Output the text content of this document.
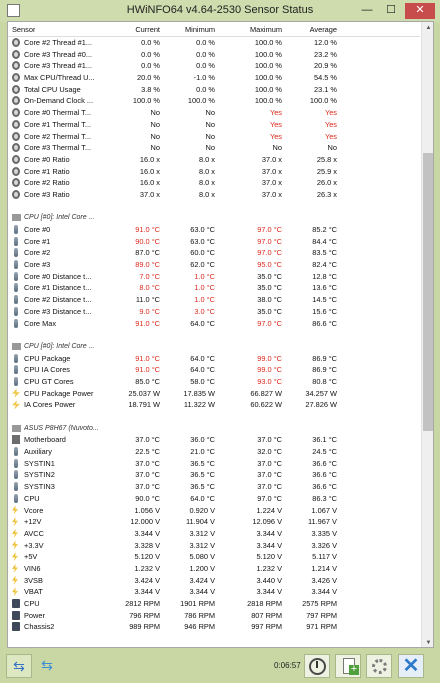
HWiNFO64 v4.64-2530 Sensor Status	—	☐	✕
Sensor	Current	Minimum	Maximum	Average
Core #2 Thread #1...	0.0 %	0.0 %	100.0 %	12.0 %
Core #3 Thread #0...	0.0 %	0.0 %	100.0 %	23.2 %
Core #3 Thread #1...	0.0 %	0.0 %	100.0 %	20.9 %
Max CPU/Thread U...	20.0 %	-1.0 %	100.0 %	54.5 %
Total CPU Usage	3.8 %	0.0 %	100.0 %	23.1 %
On-Demand Clock ...	100.0 %	100.0 %	100.0 %	100.0 %
Core #0 Thermal T...	No	No	Yes	Yes
Core #1 Thermal T...	No	No	Yes	Yes
Core #2 Thermal T...	No	No	Yes	Yes
Core #3 Thermal T...	No	No	No	No
Core #0 Ratio	16.0 x	8.0 x	37.0 x	25.8 x
Core #1 Ratio	16.0 x	8.0 x	37.0 x	25.9 x
Core #2 Ratio	16.0 x	8.0 x	37.0 x	26.0 x
Core #3 Ratio	37.0 x	8.0 x	37.0 x	26.3 x
CPU [#0]: Intel Core ...
Core #0	91.0 °C	63.0 °C	97.0 °C	85.2 °C
Core #1	90.0 °C	63.0 °C	97.0 °C	84.4 °C
Core #2	87.0 °C	60.0 °C	97.0 °C	83.5 °C
Core #3	89.0 °C	62.0 °C	95.0 °C	82.4 °C
Core #0 Distance t...	7.0 °C	1.0 °C	35.0 °C	12.8 °C
Core #1 Distance t...	8.0 °C	1.0 °C	35.0 °C	13.6 °C
Core #2 Distance t...	11.0 °C	1.0 °C	38.0 °C	14.5 °C
Core #3 Distance t...	9.0 °C	3.0 °C	35.0 °C	15.6 °C
Core Max	91.0 °C	64.0 °C	97.0 °C	86.6 °C
CPU [#0]: Intel Core ...
CPU Package	91.0 °C	64.0 °C	99.0 °C	86.9 °C
CPU IA Cores	91.0 °C	64.0 °C	99.0 °C	86.9 °C
CPU GT Cores	85.0 °C	58.0 °C	93.0 °C	80.8 °C
CPU Package Power	25.037 W	17.835 W	66.827 W	34.257 W
IA Cores Power	18.791 W	11.322 W	60.622 W	27.826 W
ASUS P8H67 (Nuvoto...
Motherboard	37.0 °C	36.0 °C	37.0 °C	36.1 °C
Auxiliary	22.5 °C	21.0 °C	32.0 °C	24.5 °C
SYSTIN1	37.0 °C	36.5 °C	37.0 °C	36.6 °C
SYSTIN2	37.0 °C	36.5 °C	37.0 °C	36.6 °C
SYSTIN3	37.0 °C	36.5 °C	37.0 °C	36.6 °C
CPU	90.0 °C	64.0 °C	97.0 °C	86.3 °C
Vcore	1.056 V	0.920 V	1.224 V	1.067 V
+12V	12.000 V	11.904 V	12.096 V	11.967 V
AVCC	3.344 V	3.312 V	3.344 V	3.335 V
+3.3V	3.328 V	3.312 V	3.344 V	3.326 V
+5V	5.120 V	5.080 V	5.120 V	5.117 V
VIN6	1.232 V	1.200 V	1.232 V	1.214 V
3VSB	3.424 V	3.424 V	3.440 V	3.426 V
VBAT	3.344 V	3.344 V	3.344 V	3.344 V
CPU	2812 RPM	1901 RPM	2818 RPM	2575 RPM
Power	796 RPM	786 RPM	807 RPM	797 RPM
Chassis2	989 RPM	946 RPM	997 RPM	971 RPM
▲
▼
⇆	⇆	0:06:57	+ ✕
